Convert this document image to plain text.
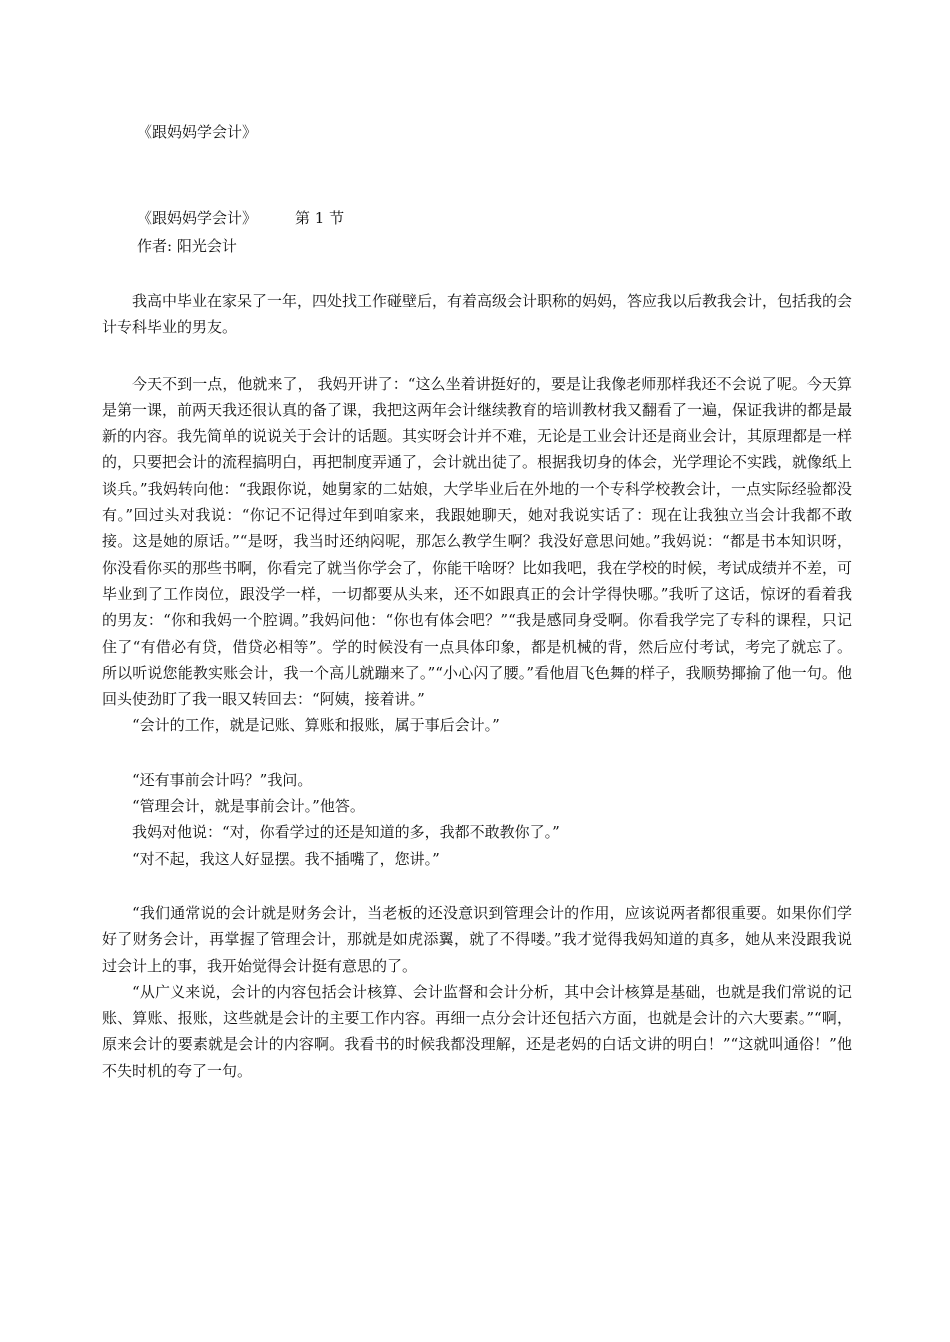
《跟妈妈学会计》
《跟妈妈学会计》	第 1 节
作者: 阳光会计

我高中毕业在家呆了一年，四处找工作碰壁后，有着高级会计职称的妈妈，答应我以后教我会计，包括我的会计专科毕业的男友。

今天不到一点，他就来了， 我妈开讲了：“这么坐着讲挺好的，要是让我像老师那样我还不会说了呢。今天算是第一课，前两天我还很认真的备了课，我把这两年会计继续教育的培训教材我又翻看了一遍，保证我讲的都是最新的内容。我先简单的说说关于会计的话题。其实呀会计并不难，无论是工业会计还是商业会计，其原理都是一样的，只要把会计的流程搞明白，再把制度弄通了，会计就出徒了。根据我切身的体会，光学理论不实践，就像纸上谈兵。”我妈转向他：“我跟你说，她舅家的二姑娘，大学毕业后在外地的一个专科学校教会计，一点实际经验都没有。”回过头对我说：“你记不记得过年到咱家来，我跟她聊天，她对我说实话了：现在让我独立当会计我都不敢接。这是她的原话。”“是呀，我当时还纳闷呢，那怎么教学生啊？我没好意思问她。”我妈说：“都是书本知识呀，你没看你买的那些书啊，你看完了就当你学会了，你能干啥呀？比如我吧，我在学校的时候，考试成绩并不差，可毕业到了工作岗位，跟没学一样，一切都要从头来，还不如跟真正的会计学得快哪。”我听了这话，惊讶的看着我的男友：“你和我妈一个腔调。”我妈问他：“你也有体会吧？”“我是感同身受啊。你看我学完了专科的课程，只记住了“有借必有贷，借贷必相等”。学的时候没有一点具体印象，都是机械的背，然后应付考试，考完了就忘了。所以听说您能教实账会计，我一个高儿就蹦来了。”“小心闪了腰。”看他眉飞色舞的样子，我顺势揶揄了他一句。他回头使劲盯了我一眼又转回去：“阿姨，接着讲。”

“会计的工作，就是记账、算账和报账，属于事后会计。”

“还有事前会计吗？”我问。

“管理会计，就是事前会计。”他答。

我妈对他说：“对，你看学过的还是知道的多，我都不敢教你了。”

“对不起，我这人好显摆。我不插嘴了，您讲。”

“我们通常说的会计就是财务会计，当老板的还没意识到管理会计的作用，应该说两者都很重要。如果你们学好了财务会计，再掌握了管理会计，那就是如虎添翼，就了不得喽。”我才觉得我妈知道的真多，她从来没跟我说过会计上的事，我开始觉得会计挺有意思的了。

“从广义来说，会计的内容包括会计核算、会计监督和会计分析，其中会计核算是基础，也就是我们常说的记账、算账、报账，这些就是会计的主要工作内容。再细一点分会计还包括六方面，也就是会计的六大要素。”“啊，原来会计的要素就是会计的内容啊。我看书的时候我都没理解，还是老妈的白话文讲的明白！”“这就叫通俗！”他不失时机的夸了一句。
